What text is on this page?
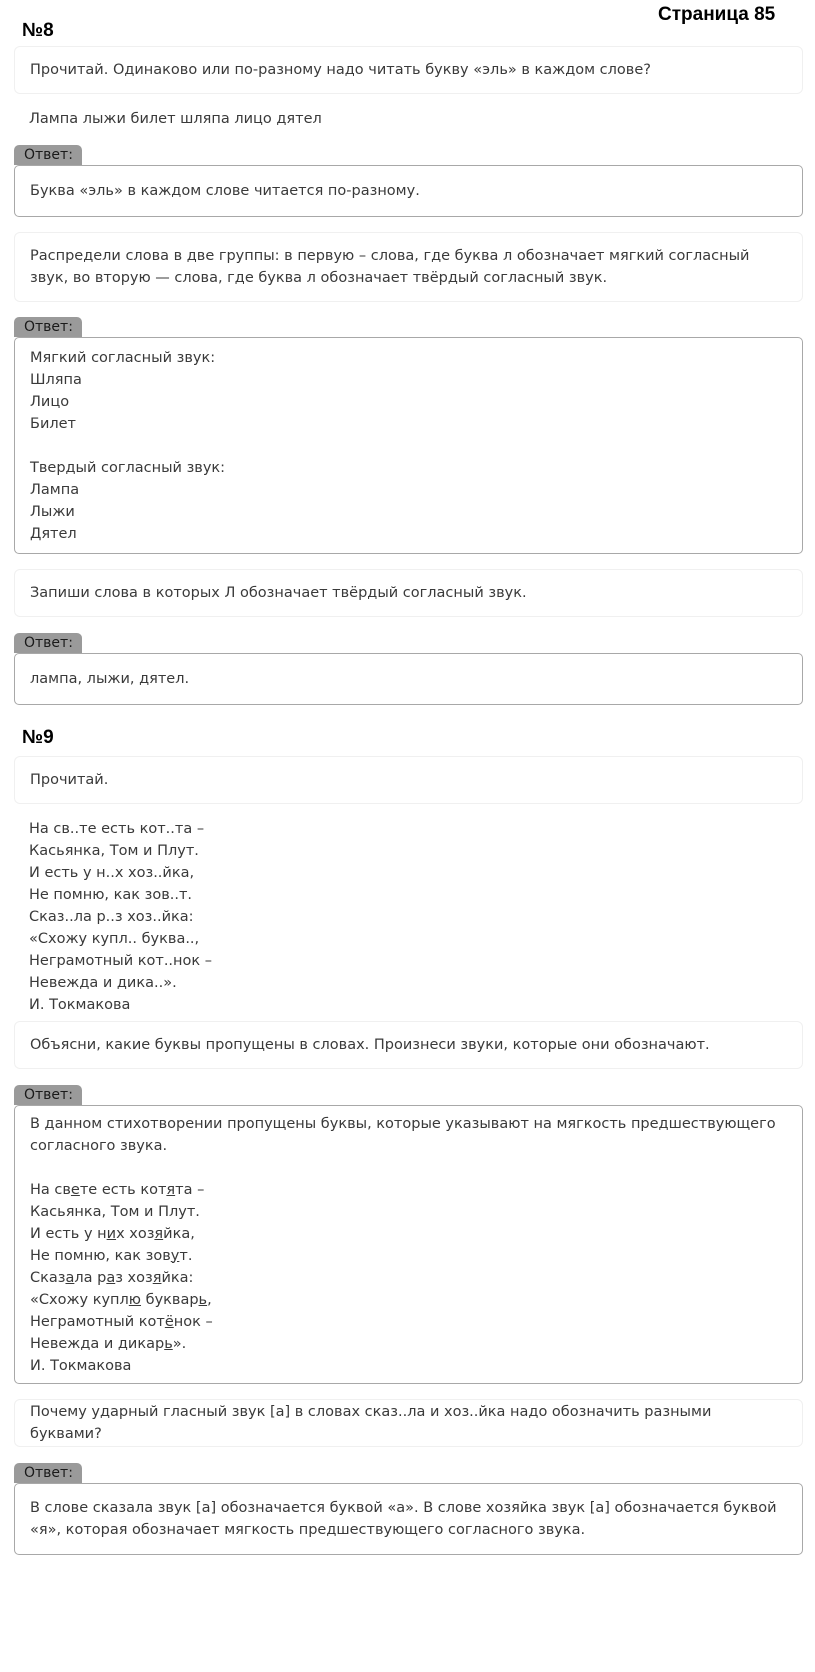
Страница 85
№8
Прочитай. Одинаково или по-разному надо читать букву «эль» в каждом слове?
Лампа лыжи билет шляпа лицо дятел
Ответ:
Буква «эль» в каждом слове читается по-разному.
Распредели слова в две группы: в первую – слова, где буква л обозначает мягкий согласный звук, во вторую — слова, где буква л обозначает твёрдый согласный звук.
Ответ:
Мягкий согласный звук:
Шляпа
Лицо
Билет

Твердый согласный звук:
Лампа
Лыжи
Дятел
Запиши слова в которых Л обозначает твёрдый согласный звук.
Ответ:
лампа, лыжи, дятел.
№9
Прочитай.
На св..те есть кот..та –
Касьянка, Том и Плут.
И есть у н..х хоз..йка,
Не помню, как зов..т.
Сказ..ла р..з хоз..йка:
«Схожу купл.. буква..,
Неграмотный кот..нок –
Невежда и дика..».
И. Токмакова
Объясни, какие буквы пропущены в словах. Произнеси звуки, которые они обозначают.
Ответ:
В данном стихотворении пропущены буквы, которые указывают на мягкость предшествующего согласного звука.
На свете есть котята –
Касьянка, Том и Плут.
И есть у них хозяйка,
Не помню, как зовут.
Сказала раз хозяйка:
«Схожу куплю букварь,
Неграмотный котёнок –
Невежда и дикарь».
И. Токмакова
Почему ударный гласный звук [а] в словах сказ..ла и хоз..йка надо обозначить разными буквами?
Ответ:
В слове сказала звук [а] обозначается буквой «а». В слове хозяйка звук [а] обозначается буквой «я», которая обозначает мягкость предшествующего согласного звука.
